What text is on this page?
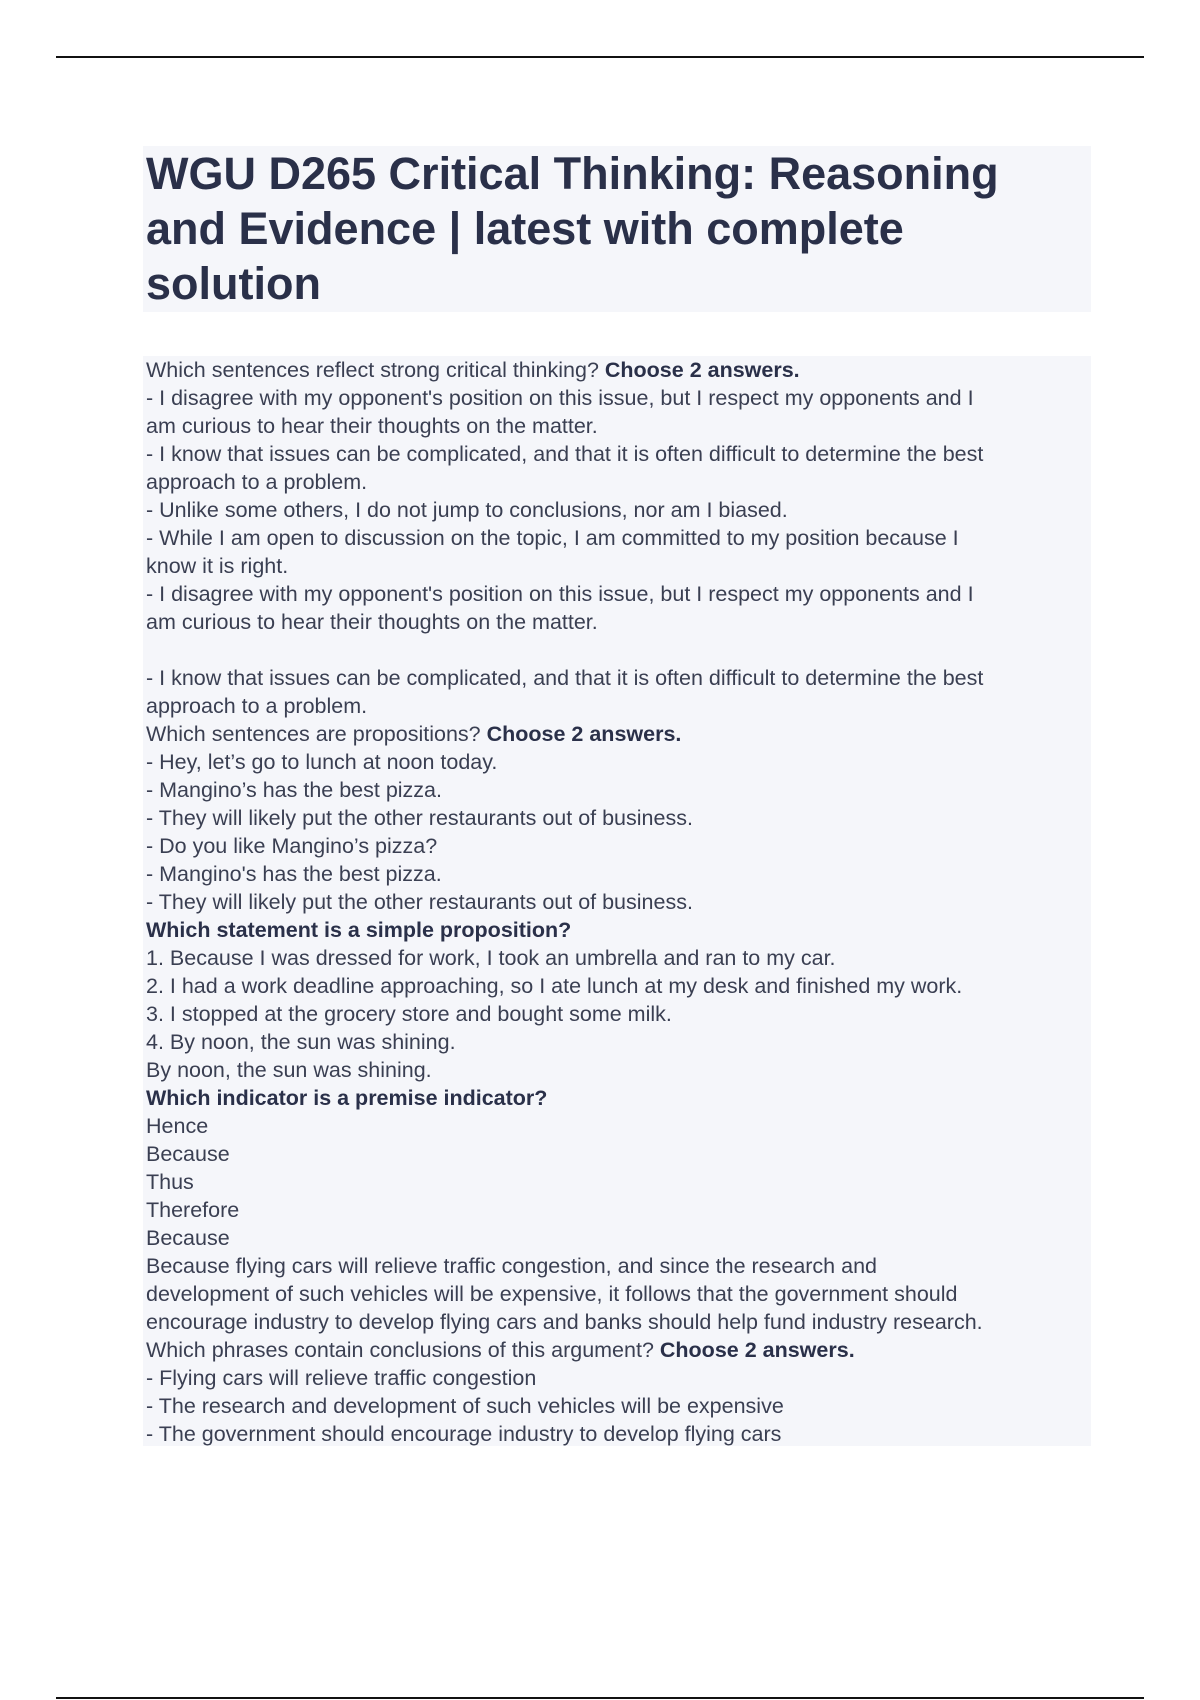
WGU D265 Critical Thinking: Reasoning
and Evidence | latest with complete
solution
Which sentences reflect strong critical thinking? Choose 2 answers.
- I disagree with my opponent's position on this issue, but I respect my opponents and I
am curious to hear their thoughts on the matter.
- I know that issues can be complicated, and that it is often difficult to determine the best
approach to a problem.
- Unlike some others, I do not jump to conclusions, nor am I biased.
- While I am open to discussion on the topic, I am committed to my position because I
know it is right.
- I disagree with my opponent's position on this issue, but I respect my opponents and I
am curious to hear their thoughts on the matter.
- I know that issues can be complicated, and that it is often difficult to determine the best
approach to a problem.
Which sentences are propositions? Choose 2 answers.
- Hey, let’s go to lunch at noon today.
- Mangino’s has the best pizza.
- They will likely put the other restaurants out of business.
- Do you like Mangino’s pizza?
- Mangino's has the best pizza.
- They will likely put the other restaurants out of business.
Which statement is a simple proposition?
1. Because I was dressed for work, I took an umbrella and ran to my car.
2. I had a work deadline approaching, so I ate lunch at my desk and finished my work.
3. I stopped at the grocery store and bought some milk.
4. By noon, the sun was shining.
By noon, the sun was shining.
Which indicator is a premise indicator?
Hence
Because
Thus
Therefore
Because
Because flying cars will relieve traffic congestion, and since the research and
development of such vehicles will be expensive, it follows that the government should
encourage industry to develop flying cars and banks should help fund industry research.
Which phrases contain conclusions of this argument? Choose 2 answers.
- Flying cars will relieve traffic congestion
- The research and development of such vehicles will be expensive
- The government should encourage industry to develop flying cars
